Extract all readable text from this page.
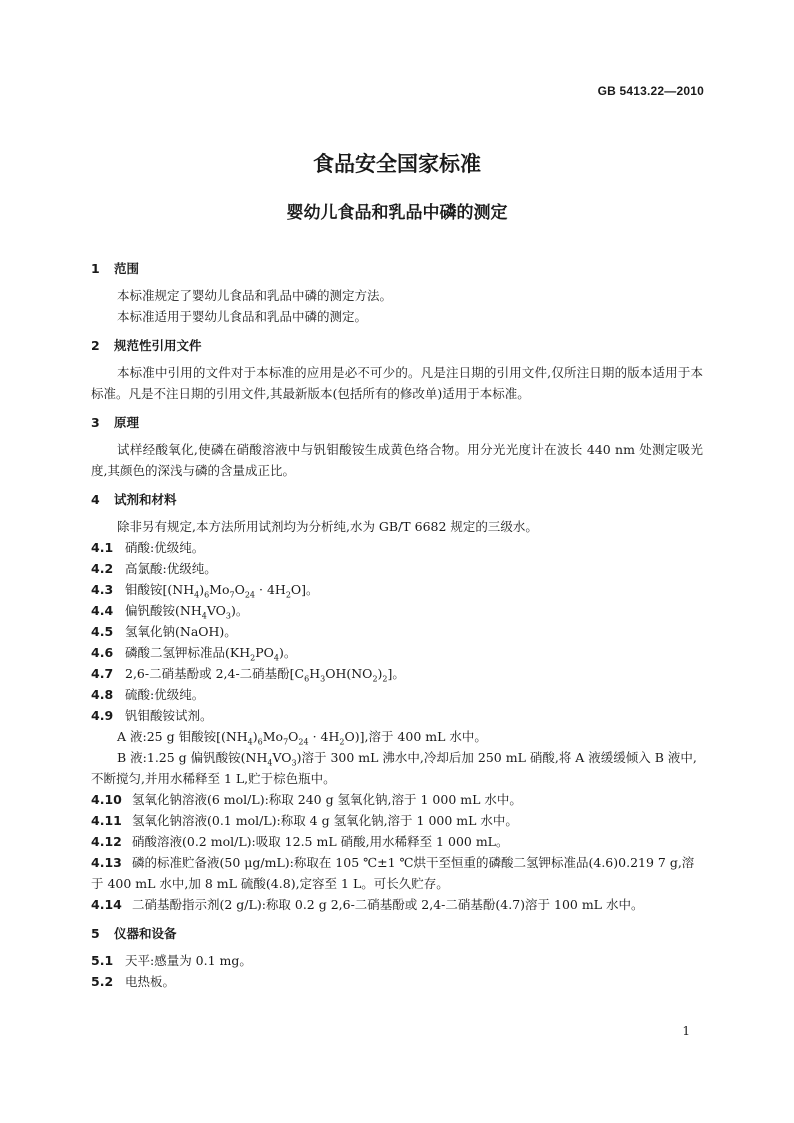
GB 5413.22—2010
食品安全国家标准
婴幼儿食品和乳品中磷的测定
1 范围
本标准规定了婴幼儿食品和乳品中磷的测定方法。
本标准适用于婴幼儿食品和乳品中磷的测定。
2 规范性引用文件
本标准中引用的文件对于本标准的应用是必不可少的。凡是注日期的引用文件,仅所注日期的版本适用于本标准。凡是不注日期的引用文件,其最新版本(包括所有的修改单)适用于本标准。
3 原理
试样经酸氧化,使磷在硝酸溶液中与钒钼酸铵生成黄色络合物。用分光光度计在波长 440 nm 处测定吸光度,其颜色的深浅与磷的含量成正比。
4 试剂和材料
除非另有规定,本方法所用试剂均为分析纯,水为 GB/T 6682 规定的三级水。
4.1 硝酸:优级纯。
4.2 高氯酸:优级纯。
4.3 钼酸铵$[(NH_4)_6Mo_7O_{24} \cdot 4H_2O]$。
4.4 偏钒酸铵$(NH_4VO_3)$。
4.5 氢氧化钠(NaOH)。
4.6 磷酸二氢钾标准品$(KH_2PO_4)$。
4.7 2,6-二硝基酚或 2,4-二硝基酚$[C_6H_3OH(NO_2)_2]$。
4.8 硫酸:优级纯。
4.9 钒钼酸铵试剂。
A 液:25 g 钼酸铵$[(NH_4)_6Mo_7O_{24} \cdot 4H_2O)$],溶于 400 mL 水中。
B 液:1.25 g 偏钒酸铵$(NH_4VO_3)$溶于 300 mL 沸水中,冷却后加 250 mL 硝酸,将 A 液缓缓倾入 B 液中,不断搅匀,并用水稀释至 1 L,贮于棕色瓶中。
4.10 氢氧化钠溶液(6 mol/L):称取 240 g 氢氧化钠,溶于 1 000 mL 水中。
4.11 氢氧化钠溶液(0.1 mol/L):称取 4 g 氢氧化钠,溶于 1 000 mL 水中。
4.12 硝酸溶液(0.2 mol/L):吸取 12.5 mL 硝酸,用水稀释至 1 000 mL。
4.13 磷的标准贮备液(50 μg/mL):称取在 105 ℃±1 ℃烘干至恒重的磷酸二氢钾标准品(4.6)0.219 7 g,溶于 400 mL 水中,加 8 mL 硫酸(4.8),定容至 1 L。可长久贮存。
4.14 二硝基酚指示剂(2 g/L):称取 0.2 g 2,6-二硝基酚或 2,4-二硝基酚(4.7)溶于 100 mL 水中。
5 仪器和设备
5.1 天平:感量为 0.1 mg。
5.2 电热板。
1
